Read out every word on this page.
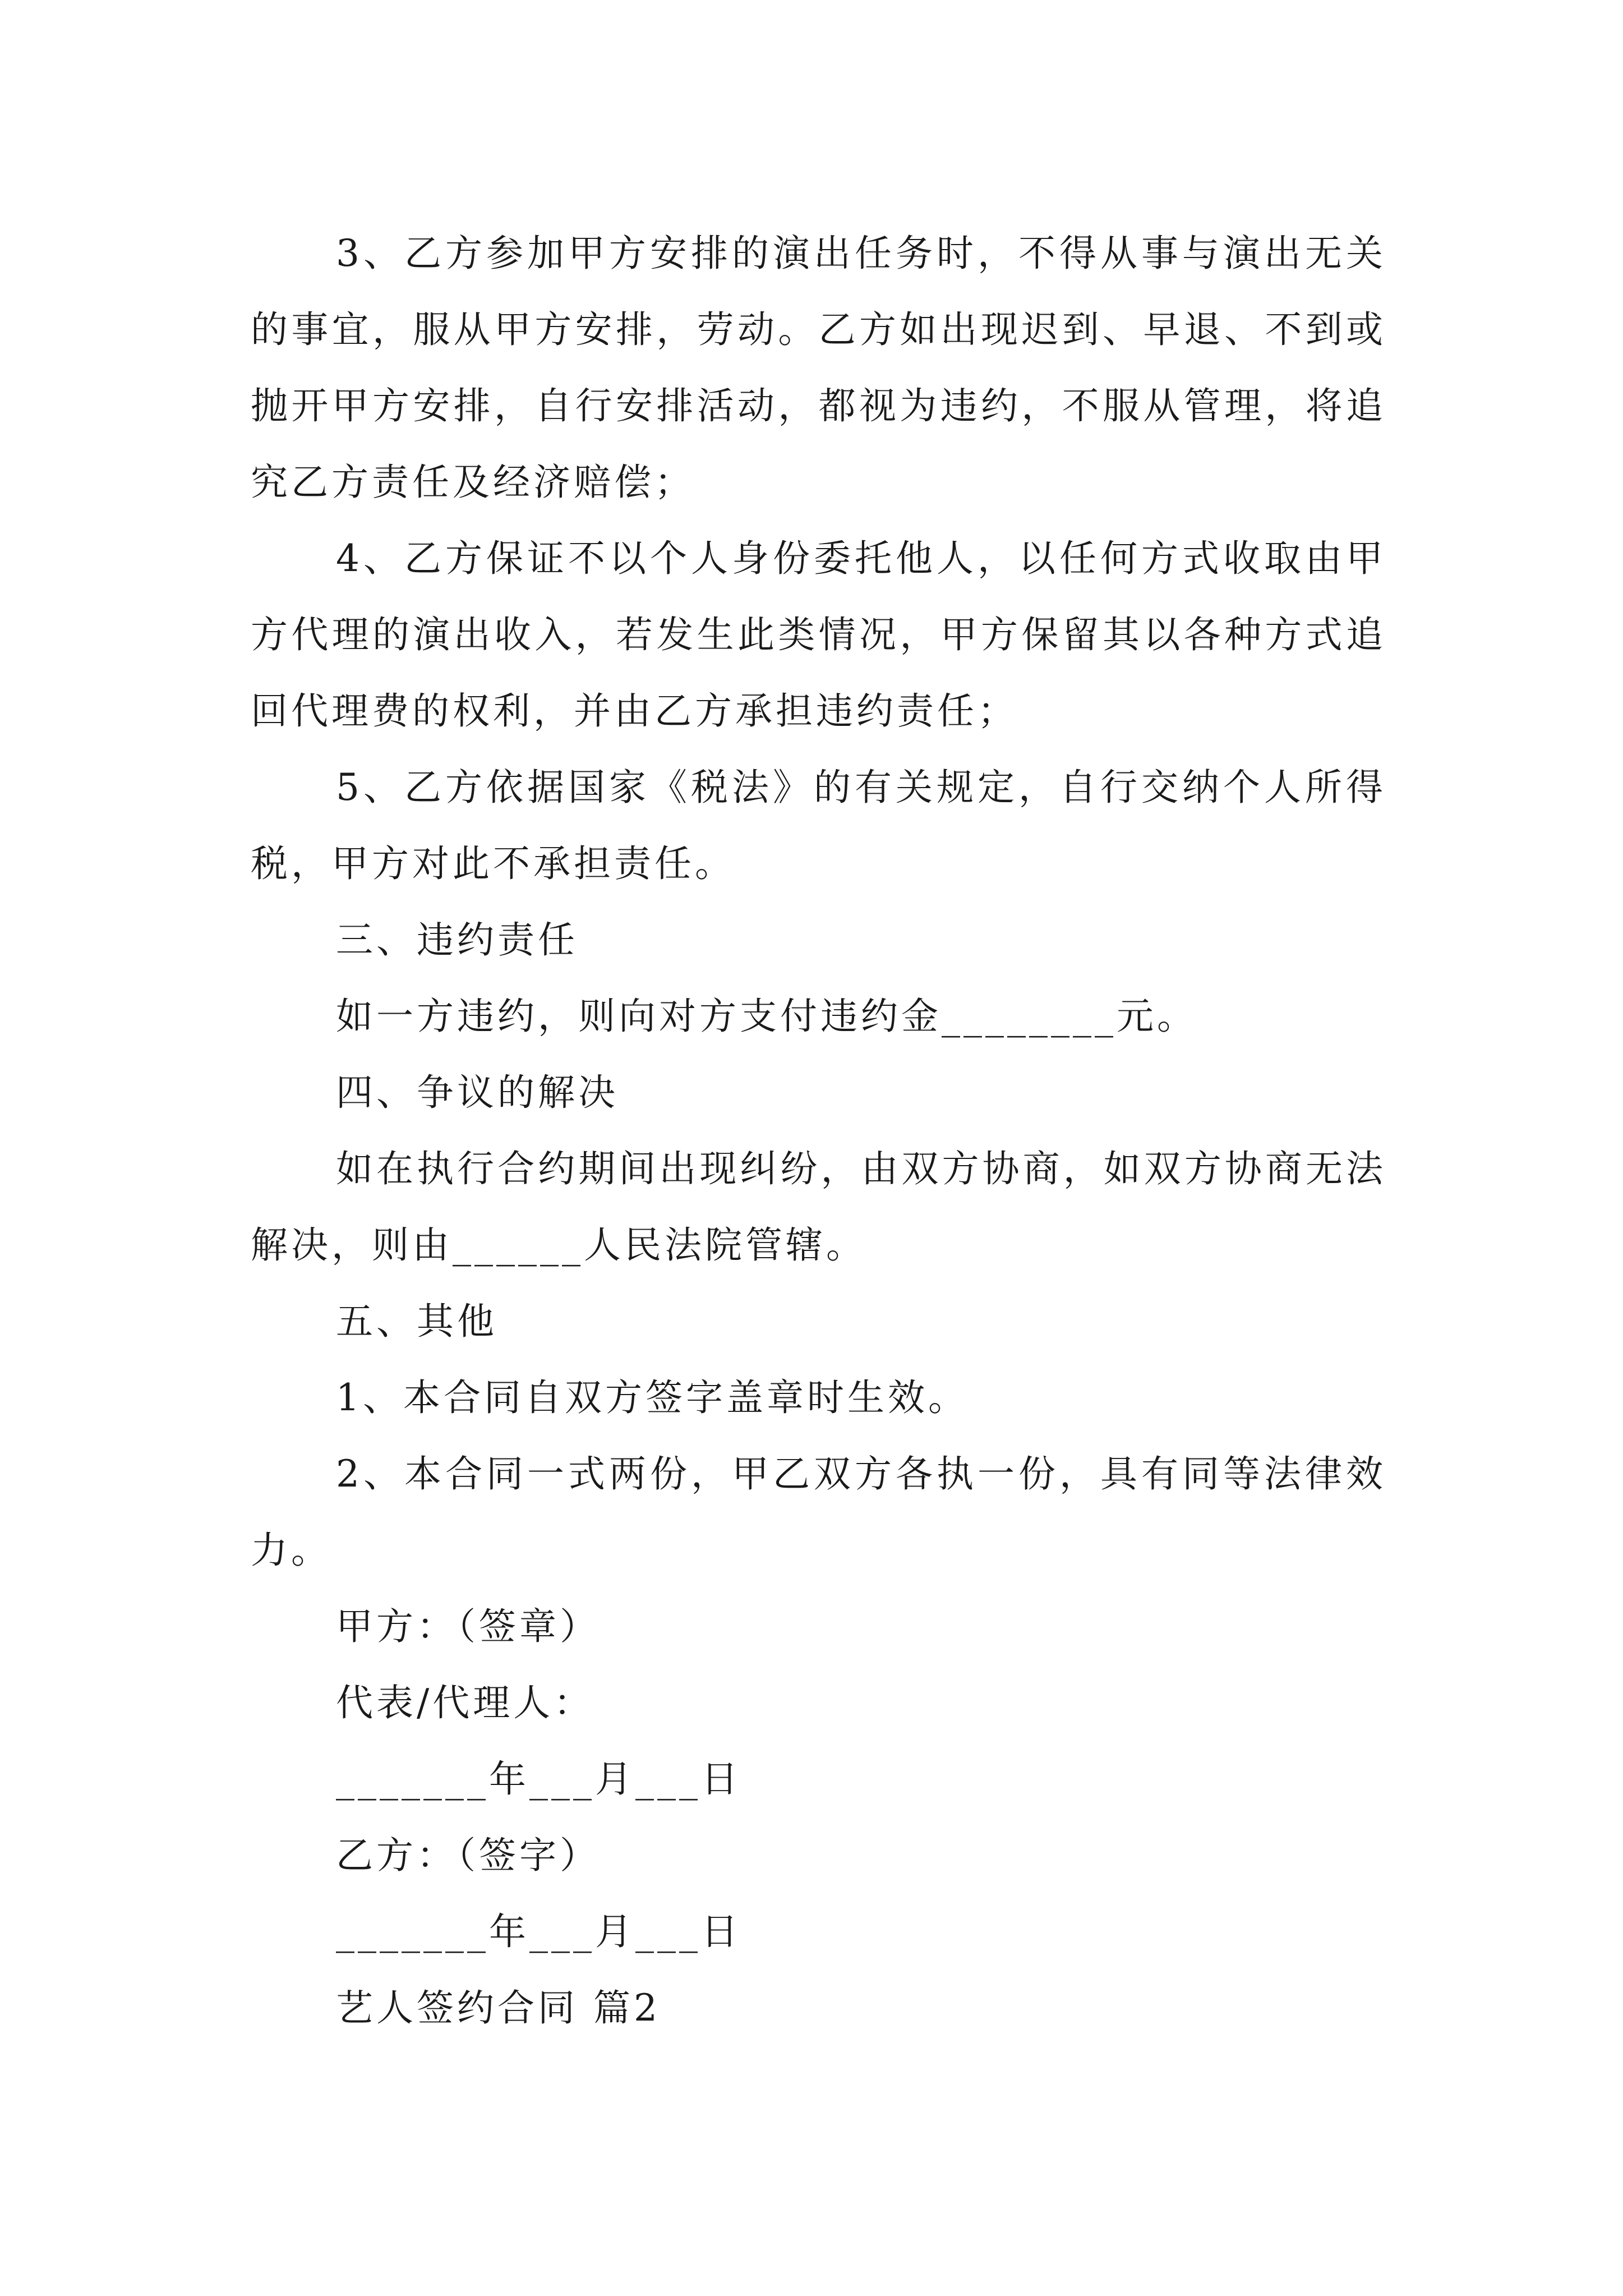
3、乙方参加甲方安排的演出任务时，不得从事与演出无关的事宜，服从甲方安排，劳动。乙方如出现迟到、早退、不到或抛开甲方安排，自行安排活动，都视为违约，不服从管理，将追究乙方责任及经济赔偿；

4、乙方保证不以个人身份委托他人，以任何方式收取由甲方代理的演出收入，若发生此类情况，甲方保留其以各种方式追回代理费的权利，并由乙方承担违约责任；

5、乙方依据国家《税法》的有关规定，自行交纳个人所得税，甲方对此不承担责任。

三、违约责任

如一方违约，则向对方支付违约金________元。

四、争议的解决

如在执行合约期间出现纠纷，由双方协商，如双方协商无法解决，则由______人民法院管辖。

五、其他

1、本合同自双方签字盖章时生效。

2、本合同一式两份，甲乙双方各执一份，具有同等法律效力。

甲方：（签章）

代表/代理人：

_______年___月___日

乙方：（签字）

_______年___月___日

艺人签约合同 篇2
